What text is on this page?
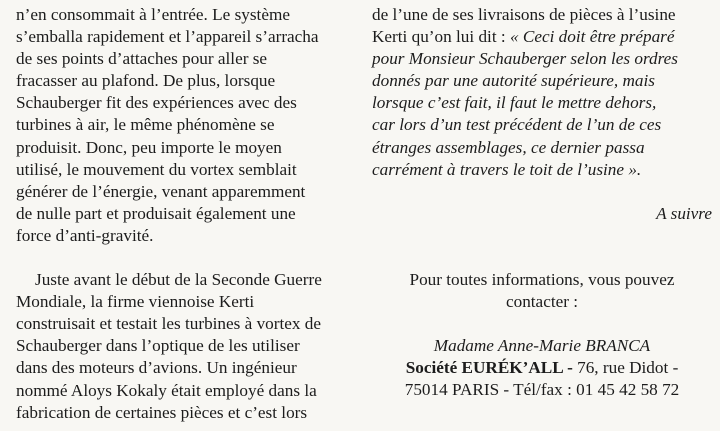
n’en consommait à l’entrée. Le système
s’emballa rapidement et l’appareil s’arracha
de ses points d’attaches pour aller se
fracasser au plafond. De plus, lorsque
Schauberger fit des expériences avec des
turbines à air, le même phénomène se
produisit. Donc, peu importe le moyen
utilisé, le mouvement du vortex semblait
générer de l’énergie, venant apparemment
de nulle part et produisait également une
force d’anti-gravité.
Juste avant le début de la Seconde Guerre
Mondiale, la firme viennoise Kerti
construisait et testait les turbines à vortex de
Schauberger dans l’optique de les utiliser
dans des moteurs d’avions. Un ingénieur
nommé Aloys Kokaly était employé dans la
fabrication de certaines pièces et c’est lors
de l’une de ses livraisons de pièces à l’usine
Kerti qu’on lui dit : « Ceci doit être préparé
pour Monsieur Schauberger selon les ordres
donnés par une autorité supérieure, mais
lorsque c’est fait, il faut le mettre dehors,
car lors d’un test précédent de l’un de ces
étranges assemblages, ce dernier passa
carrément à travers le toit de l’usine ».
A suivre
Pour toutes informations, vous pouvez
contacter :
Madame Anne-Marie BRANCA
Société EURÉK’ALL - 76, rue Didot -
75014 PARIS - Tél/fax : 01 45 42 58 72
